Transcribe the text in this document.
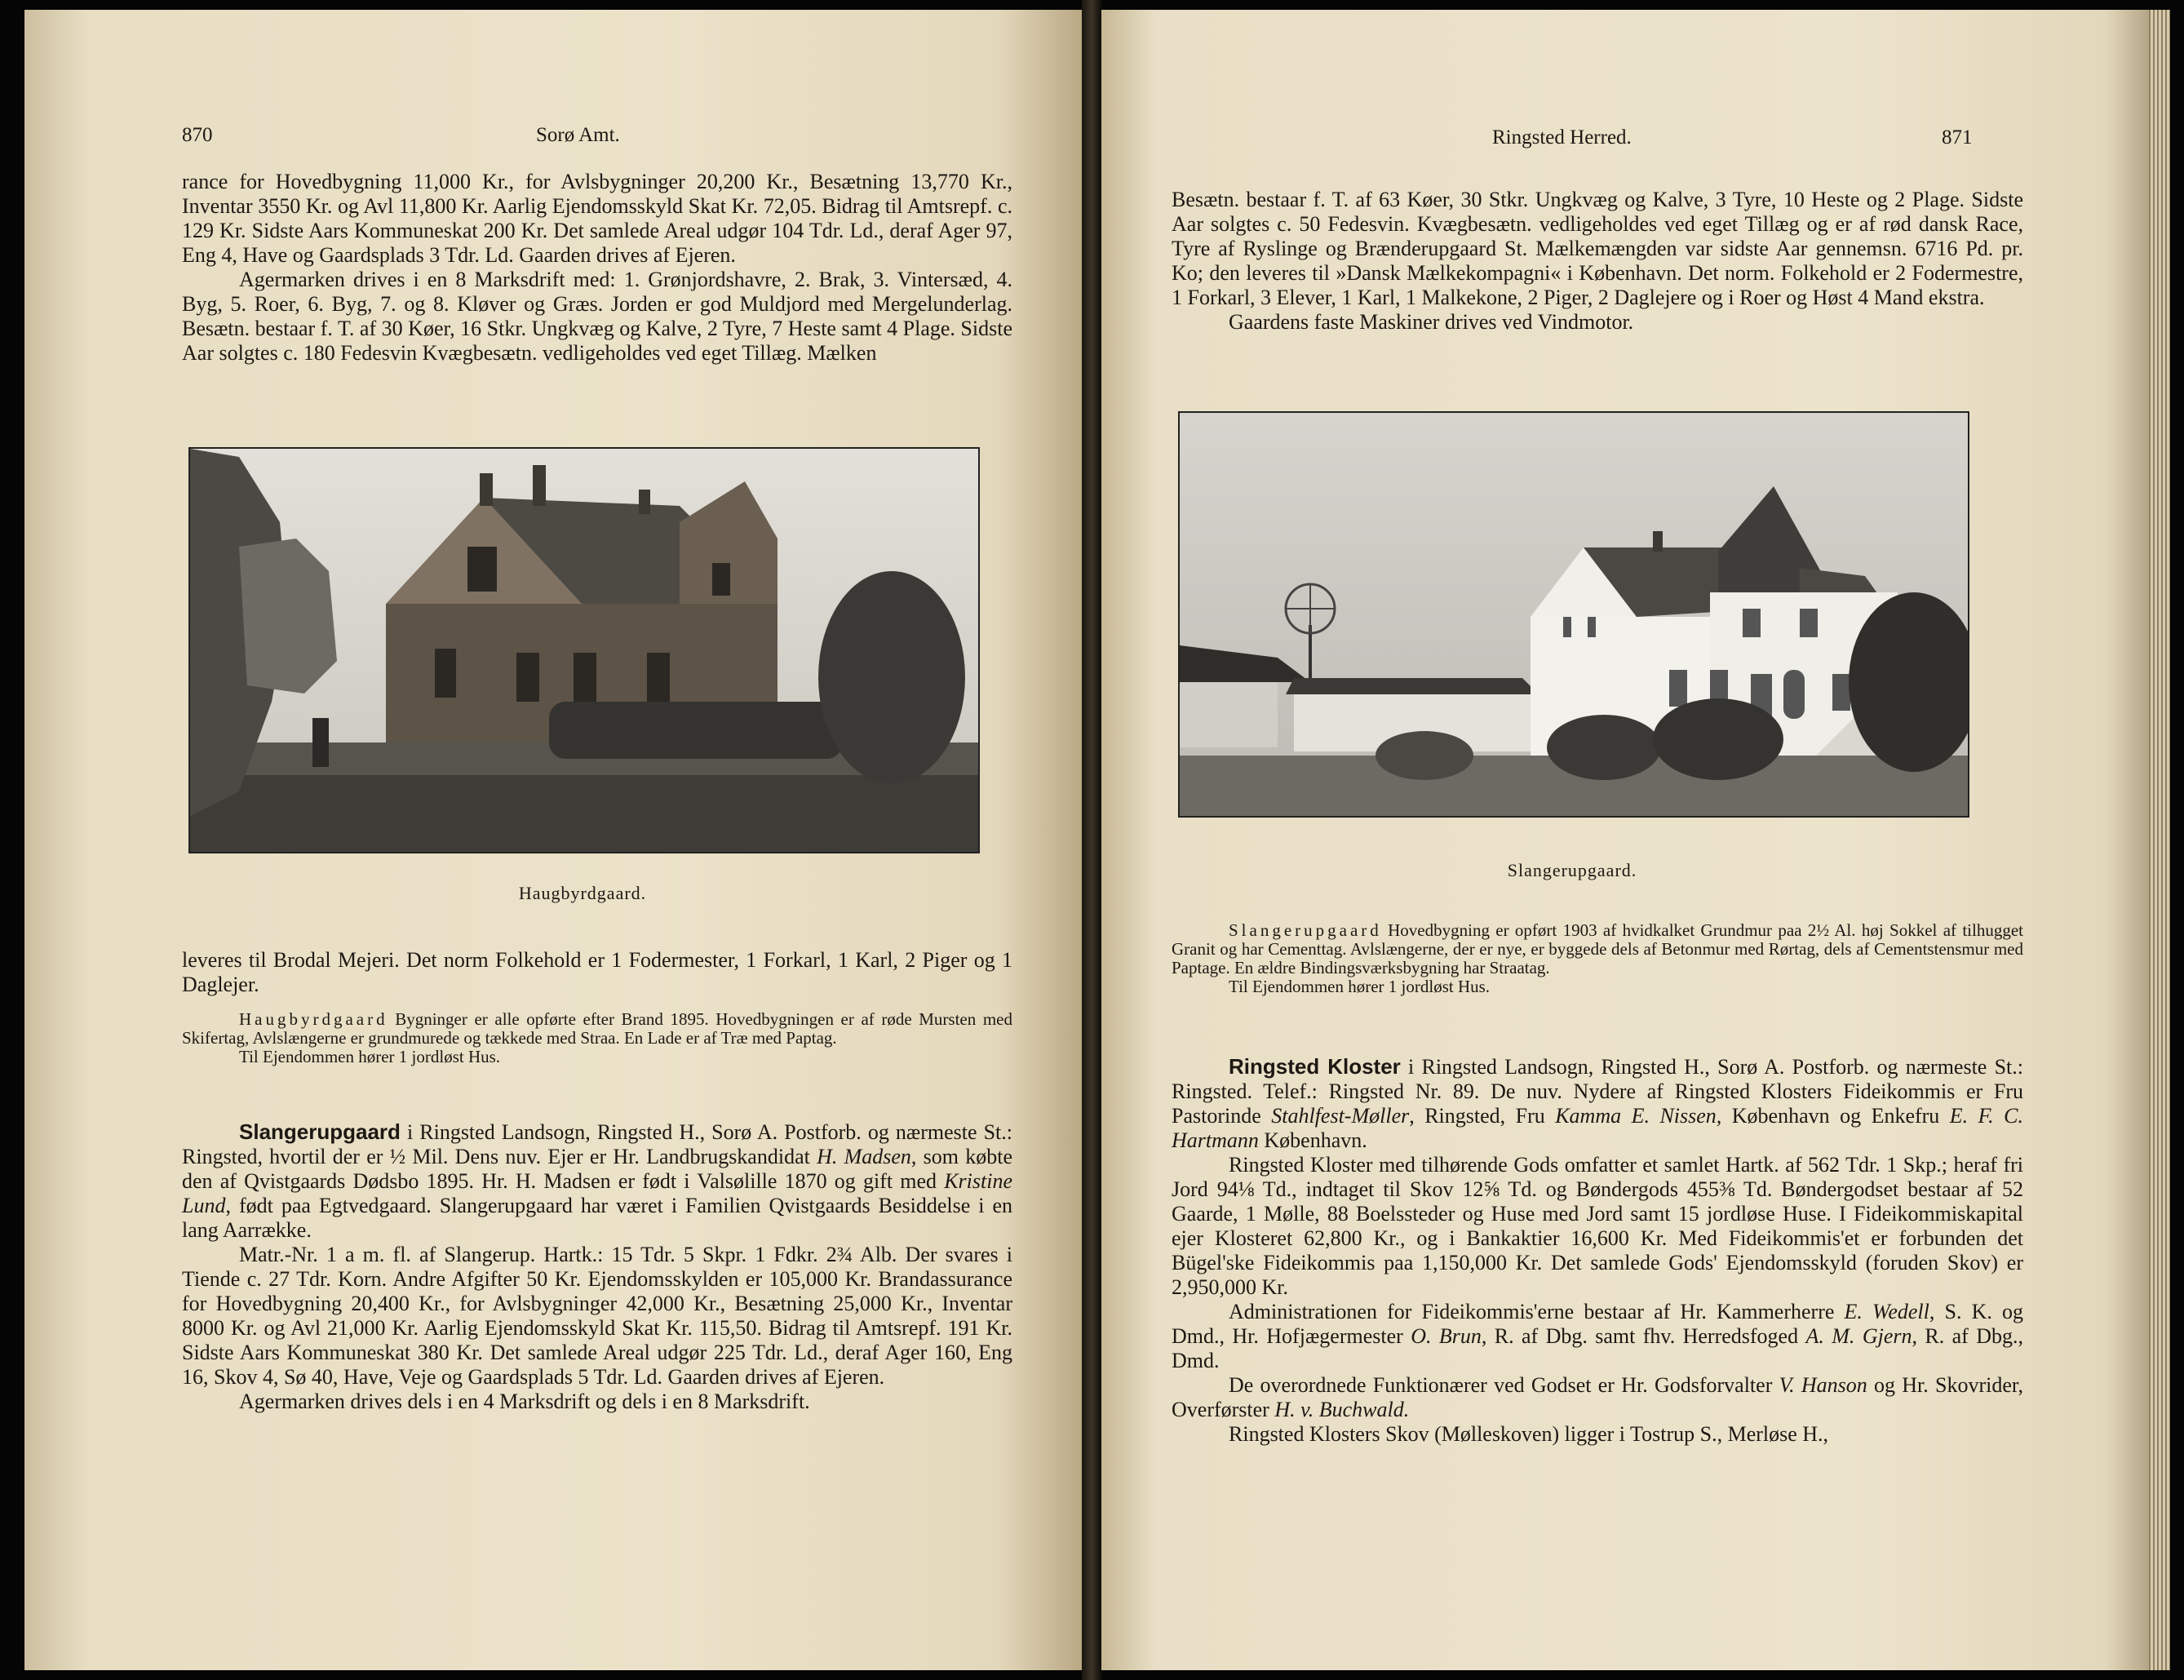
870	Sorø Amt.

rance for Hovedbygning 11,000 Kr., for Avlsbygninger 20,200 Kr., Besætning 13,770 Kr., Inventar 3550 Kr. og Avl 11,800 Kr. Aarlig Ejendomsskyld Skat Kr. 72,05. Bidrag til Amtsrepf. c. 129 Kr. Sidste Aars Kommuneskat 200 Kr. Det samlede Areal udgør 104 Tdr. Ld., deraf Ager 97, Eng 4, Have og Gaardsplads 3 Tdr. Ld. Gaarden drives af Ejeren.

Agermarken drives i en 8 Marksdrift med: 1. Grønjordshavre, 2. Brak, 3. Vintersæd, 4. Byg, 5. Roer, 6. Byg, 7. og 8. Kløver og Græs. Jorden er god Muldjord med Mergelunderlag. Besætn. bestaar f. T. af 30 Køer, 16 Stkr. Ungkvæg og Kalve, 2 Tyre, 7 Heste samt 4 Plage. Sidste Aar solgtes c. 180 Fedesvin Kvægbesætn. vedligeholdes ved eget Tillæg. Mælken

Haugbyrdgaard.
leveres til Brodal Mejeri. Det norm Folkehold er 1 Fodermester, 1 Forkarl, 1 Karl, 2 Piger og 1 Daglejer.

Haugbyrdgaard Bygninger er alle opførte efter Brand 1895. Hovedbygningen er af røde Mursten med Skifertag, Avlslængerne er grundmurede og tækkede med Straa. En Lade er af Træ med Paptag.

Til Ejendommen hører 1 jordløst Hus.

Slangerupgaard i Ringsted Landsogn, Ringsted H., Sorø A. Postforb. og nærmeste St.: Ringsted, hvortil der er ½ Mil. Dens nuv. Ejer er Hr. Landbrugskandidat H. Madsen, som købte den af Qvistgaards Dødsbo 1895. Hr. H. Madsen er født i Valsølille 1870 og gift med Kristine Lund, født paa Egtvedgaard. Slangerupgaard har været i Familien Qvistgaards Besiddelse i en lang Aarrække.

Matr.-Nr. 1 a m. fl. af Slangerup. Hartk.: 15 Tdr. 5 Skpr. 1 Fdkr. 2¾ Alb. Der svares i Tiende c. 27 Tdr. Korn. Andre Afgifter 50 Kr. Ejendomsskylden er 105,000 Kr. Brandassurance for Hovedbygning 20,400 Kr., for Avlsbygninger 42,000 Kr., Besætning 25,000 Kr., Inventar 8000 Kr. og Avl 21,000 Kr. Aarlig Ejendomsskyld Skat Kr. 115,50. Bidrag til Amtsrepf. 191 Kr. Sidste Aars Kommuneskat 380 Kr. Det samlede Areal udgør 225 Tdr. Ld., deraf Ager 160, Eng 16, Skov 4, Sø 40, Have, Veje og Gaardsplads 5 Tdr. Ld. Gaarden drives af Ejeren.

Agermarken drives dels i en 4 Marksdrift og dels i en 8 Marksdrift.

Ringsted Herred.	871

Besætn. bestaar f. T. af 63 Køer, 30 Stkr. Ungkvæg og Kalve, 3 Tyre, 10 Heste og 2 Plage. Sidste Aar solgtes c. 50 Fedesvin. Kvægbesætn. vedligeholdes ved eget Tillæg og er af rød dansk Race, Tyre af Ryslinge og Brænderupgaard St. Mælkemængden var sidste Aar gennemsn. 6716 Pd. pr. Ko; den leveres til »Dansk Mælkekompagni« i København. Det norm. Folkehold er 2 Fodermestre, 1 Forkarl, 3 Elever, 1 Karl, 1 Malkekone, 2 Piger, 2 Daglejere og i Roer og Høst 4 Mand ekstra.

Gaardens faste Maskiner drives ved Vindmotor.

Slangerupgaard.

Slangerupgaard Hovedbygning er opført 1903 af hvidkalket Grundmur paa 2½ Al. høj Sokkel af tilhugget Granit og har Cementtag. Avlslængerne, der er nye, er byggede dels af Betonmur med Rørtag, dels af Cementstensmur med Paptage. En ældre Bindingsværksbygning har Straatag.

Til Ejendommen hører 1 jordløst Hus.

Ringsted Kloster i Ringsted Landsogn, Ringsted H., Sorø A. Postforb. og nærmeste St.: Ringsted. Telef.: Ringsted Nr. 89. De nuv. Nydere af Ringsted Klosters Fideikommis er Fru Pastorinde Stahlfest-Møller, Ringsted, Fru Kamma E. Nissen, København og Enkefru E. F. C. Hartmann København.

Ringsted Kloster med tilhørende Gods omfatter et samlet Hartk. af 562 Tdr. 1 Skp.; heraf fri Jord 94⅛ Td., indtaget til Skov 12⅝ Td. og Bøndergods 455⅜ Td. Bøndergodset bestaar af 52 Gaarde, 1 Mølle, 88 Boelssteder og Huse med Jord samt 15 jordløse Huse. I Fideikommiskapital ejer Klosteret 62,800 Kr., og i Bankaktier 16,600 Kr. Med Fideikommis'et er forbunden det Bügel'ske Fideikommis paa 1,150,000 Kr. Det samlede Gods' Ejendomsskyld (foruden Skov) er 2,950,000 Kr.

Administrationen for Fideikommis'erne bestaar af Hr. Kammerherre E. Wedell, S. K. og Dmd., Hr. Hofjægermester O. Brun, R. af Dbg. samt fhv. Herredsfoged A. M. Gjern, R. af Dbg., Dmd.

De overordnede Funktionærer ved Godset er Hr. Godsforvalter V. Hanson og Hr. Skovrider, Overførster H. v. Buchwald.

Ringsted Klosters Skov (Mølleskoven) ligger i Tostrup S., Merløse H.,
